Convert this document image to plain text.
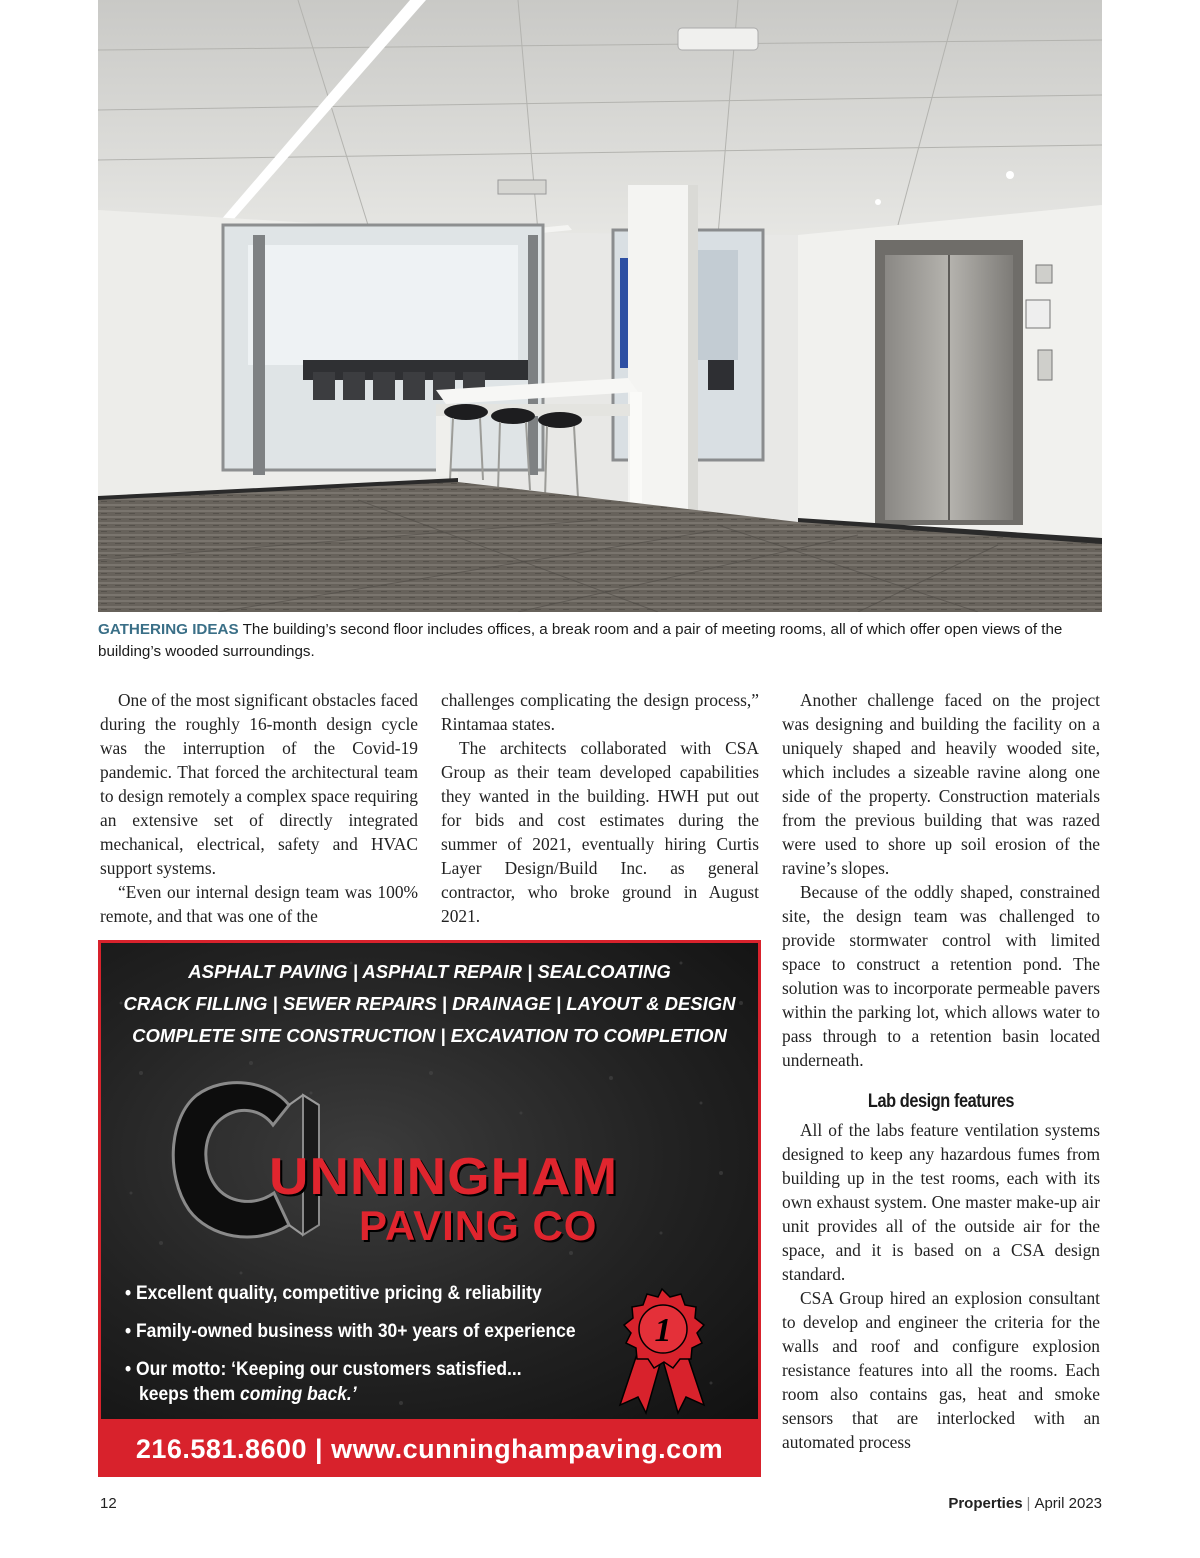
GATHERING IDEAS The building’s second floor includes offices, a break room and a pair of meeting rooms, all of which offer open views of the building’s wooded surroundings.

One of the most significant obstacles faced during the roughly 16-month design cycle was the interruption of the Covid-19 pandemic. That forced the architectural team to design remotely a complex space requiring an extensive set of directly integrated mechanical, electrical, safety and HVAC support systems.

“Even our internal design team was 100% remote, and that was one of the

challenges complicating the design process,” Rintamaa states.

The architects collaborated with CSA Group as their team developed capabilities they wanted in the building. HWH put out for bids and cost estimates during the summer of 2021, eventually hiring Curtis Layer Design/Build Inc. as general contractor, who broke ground in August 2021.

Another challenge faced on the project was designing and building the facility on a uniquely shaped and heavily wooded site, which includes a sizeable ravine along one side of the property. Construction materials from the previous building that was razed were used to shore up soil erosion of the ravine’s slopes.

Because of the oddly shaped, constrained site, the design team was challenged to provide stormwater control with limited space to construct a retention pond. The solution was to incorporate permeable pavers within the parking lot, which allows water to pass through to a retention basin located underneath.

Lab design features

All of the labs feature ventilation systems designed to keep any hazardous fumes from building up in the test rooms, each with its own exhaust system. One master make-up air unit provides all of the outside air for the space, and it is based on a CSA design standard.

CSA Group hired an explosion consultant to develop and engineer the criteria for the walls and roof and configure explosion resistance features into all the rooms. Each room also contains gas, heat and smoke sensors that are interlocked with an automated process

ASPHALT PAVING | ASPHALT REPAIR | SEALCOATING
CRACK FILLING | SEWER REPAIRS | DRAINAGE | LAYOUT & DESIGN
COMPLETE SITE CONSTRUCTION | EXCAVATION TO COMPLETION
UNNINGHAM
PAVING CO
• Excellent quality, competitive pricing & reliability
• Family-owned business with 30+ years of experience
• Our motto: ‘Keeping our customers satisfied...
keeps them coming back.’
1
216.581.8600 | www.cunninghampaving.com
12	Properties | April 2023
